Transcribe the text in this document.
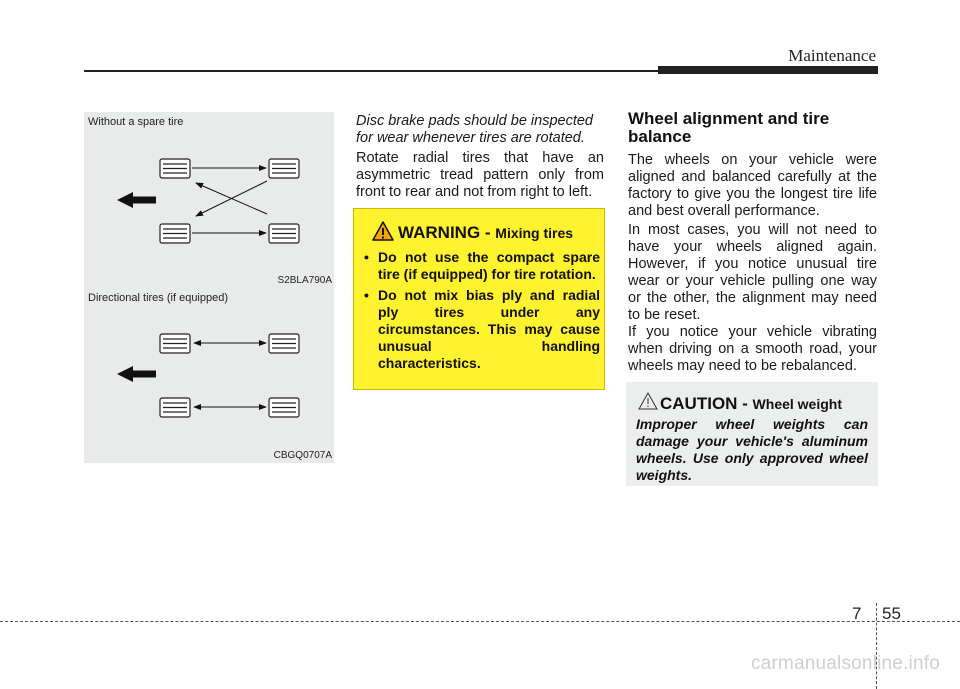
Maintenance
Without a spare tire
S2BLA790A
Directional tires (if equipped)
CBGQ0707A
Disc brake pads should be inspected for wear whenever tires are rotated.
Rotate radial tires that have an asymmetric tread pattern only from front to rear and not from right to left.
WARNING - Mixing tires
• Do not use the compact spare tire (if equipped) for tire rotation.
• Do not mix bias ply and radial ply tires under any circumstances. This may cause unusual handling characteristics.
Wheel alignment and tire balance
The wheels on your vehicle were aligned and balanced carefully at the factory to give you the longest tire life and best overall performance.
In most cases, you will not need to have your wheels aligned again. However, if you notice unusual tire wear or your vehicle pulling one way or the other, the alignment may need to be reset.
If you notice your vehicle vibrating when driving on a smooth road, your wheels may need to be rebalanced.
CAUTION - Wheel weight
Improper wheel weights can damage your vehicle's aluminum wheels. Use only approved wheel weights.
7 55
carmanualsonline.info
